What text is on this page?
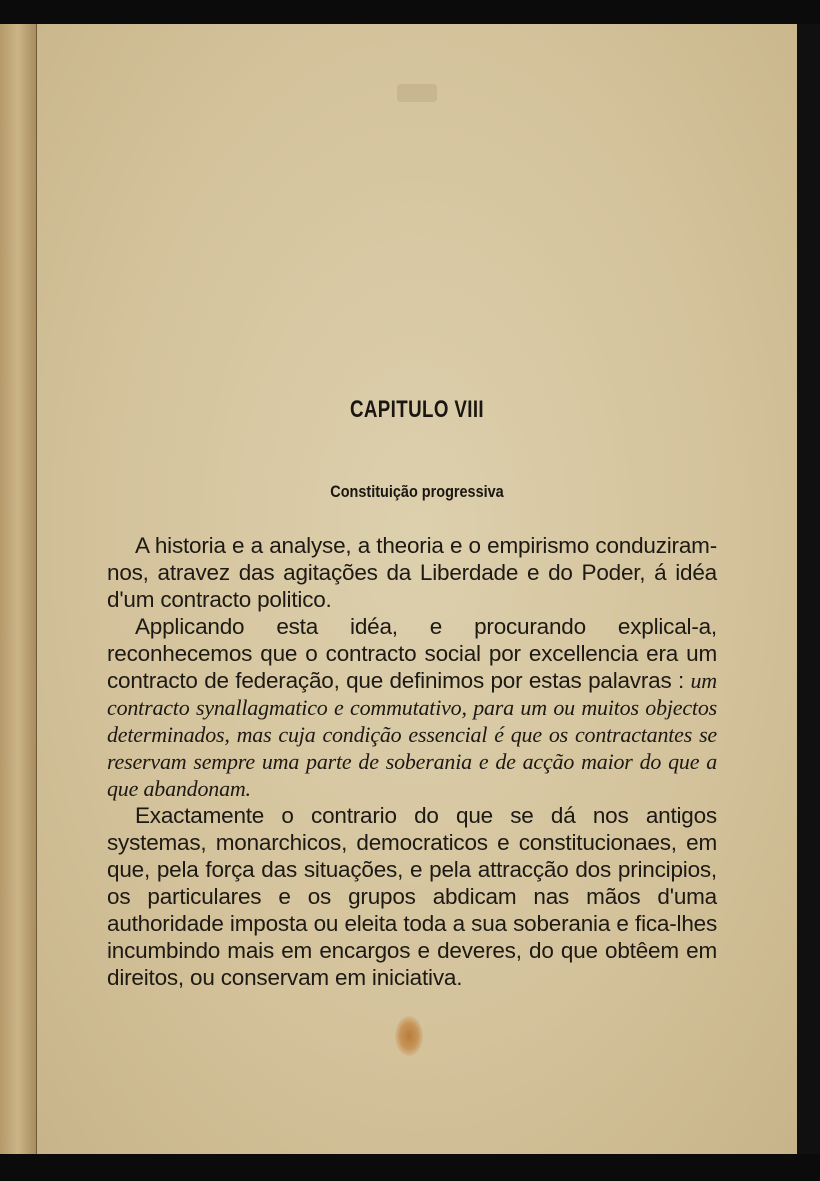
CAPITULO VIII
Constituição progressiva

A historia e a analyse, a theoria e o empirismo conduziram-nos, atravez das agitações da Liberdade e do Poder, á idéa d'um contracto politico.

Applicando esta idéa, e procurando explical-a, reconhecemos que o contracto social por excellencia era um contracto de federação, que definimos por estas palavras : um contracto synallagmatico e commutativo, para um ou muitos objectos determinados, mas cuja condição essencial é que os contractantes se reservam sempre uma parte de soberania e de acção maior do que a que abandonam.

Exactamente o contrario do que se dá nos antigos systemas, monarchicos, democraticos e constitucionaes, em que, pela força das situações, e pela attracção dos principios, os particulares e os grupos abdicam nas mãos d'uma authoridade imposta ou eleita toda a sua soberania e fica-lhes incumbindo mais em encargos e deveres, do que obtêem em direitos, ou conservam em iniciativa.
